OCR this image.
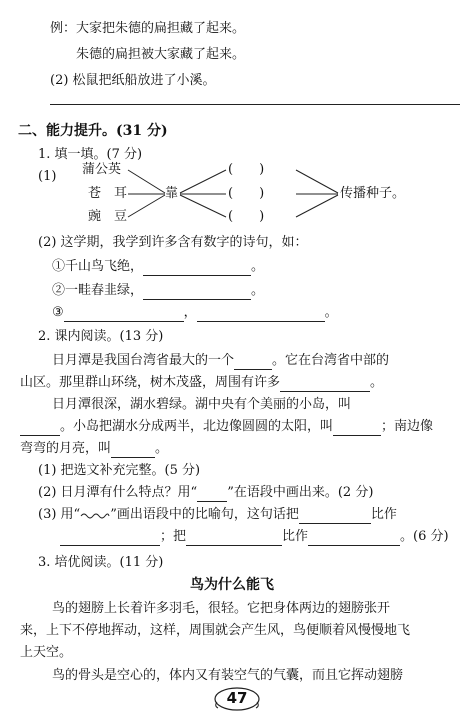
例：大家把朱德的扁担藏了起来。
朱德的扁担被大家藏了起来。
(2) 松鼠把纸船放进了小溪。
二、能力提升。(31 分)
1. 填一填。(7 分)
(1) 蒲公英
苍　耳
豌　豆
靠
(　　)
(　　)
(　　)
传播种子。
(2) 这学期，我学到许多含有数字的诗句，如：
①千山鸟飞绝，	。
②一畦春韭绿，	。
③	，	。
2. 课内阅读。(13 分)
日月潭是我国台湾省最大的一个	。它在台湾省中部的
山区。那里群山环绕，树木茂盛，周围有许多	。
日月潭很深，湖水碧绿。湖中央有个美丽的小岛，叫
。小岛把湖水分成两半，北边像圆圆的太阳，叫	；南边像
弯弯的月亮，叫	。
(1) 把选文补充完整。(5 分)
(2) 日月潭有什么特点？用“ ”在语段中画出来。(2 分)
(3) 用“ ”画出语段中的比喻句，这句话把	比作
；把	比作	。(6 分)
3. 培优阅读。(11 分)
鸟为什么能飞
鸟的翅膀上长着许多羽毛，很轻。它把身体两边的翅膀张开
来，上下不停地挥动，这样，周围就会产生风，鸟便顺着风慢慢地飞
上天空。
鸟的骨头是空心的，体内又有装空气的气囊，而且它挥动翅膀
47
